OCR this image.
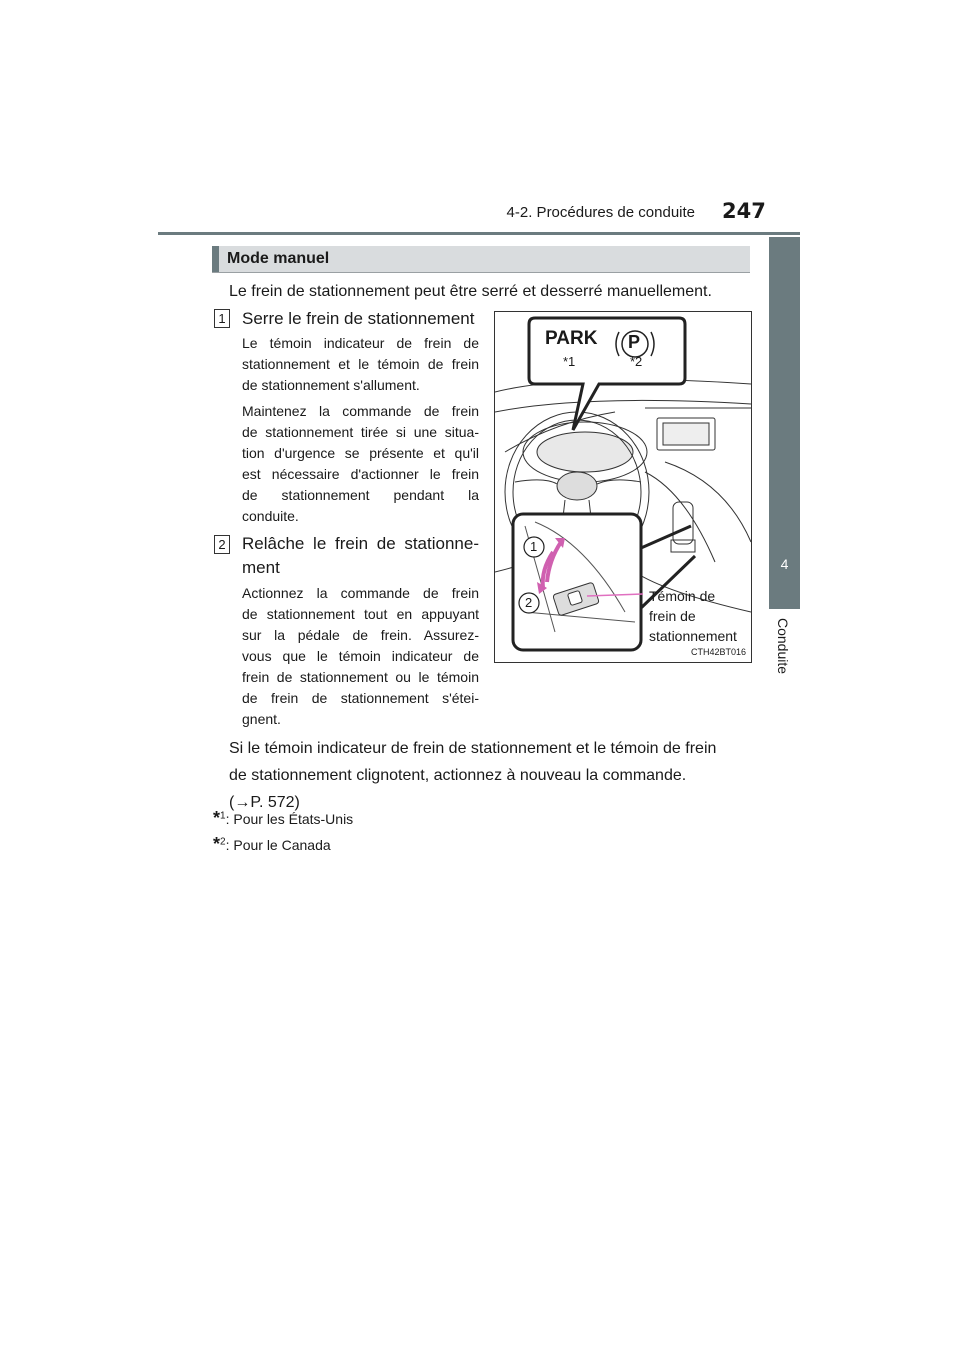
4-2. Procédures de conduite 247
4
Conduite
Mode manuel
Le frein de stationnement peut être serré et desserré manuellement.
1 Serre le frein de stationnement
Le témoin indicateur de frein de
stationnement et le témoin de frein
de stationnement s'allument.
Maintenez la commande de frein
de stationnement tirée si une situa-
tion d'urgence se présente et qu'il
est nécessaire d'actionner le frein
de stationnement pendant la
conduite.
2 Relâche le frein de stationne-
ment
Actionnez la commande de frein
de stationnement tout en appuyant
sur la pédale de frein. Assurez-
vous que le témoin indicateur de
frein de stationnement ou le témoin
de frein de stationnement s'étei-
gnent.
PARK P
*1	*2
1
2	Témoin de
frein de
stationnement
CTH42BT016
Si le témoin indicateur de frein de stationnement et le témoin de frein
de stationnement clignotent, actionnez à nouveau la commande.
(→P. 572)
*$^1$: Pour les États-Unis
*$^2$: Pour le Canada
